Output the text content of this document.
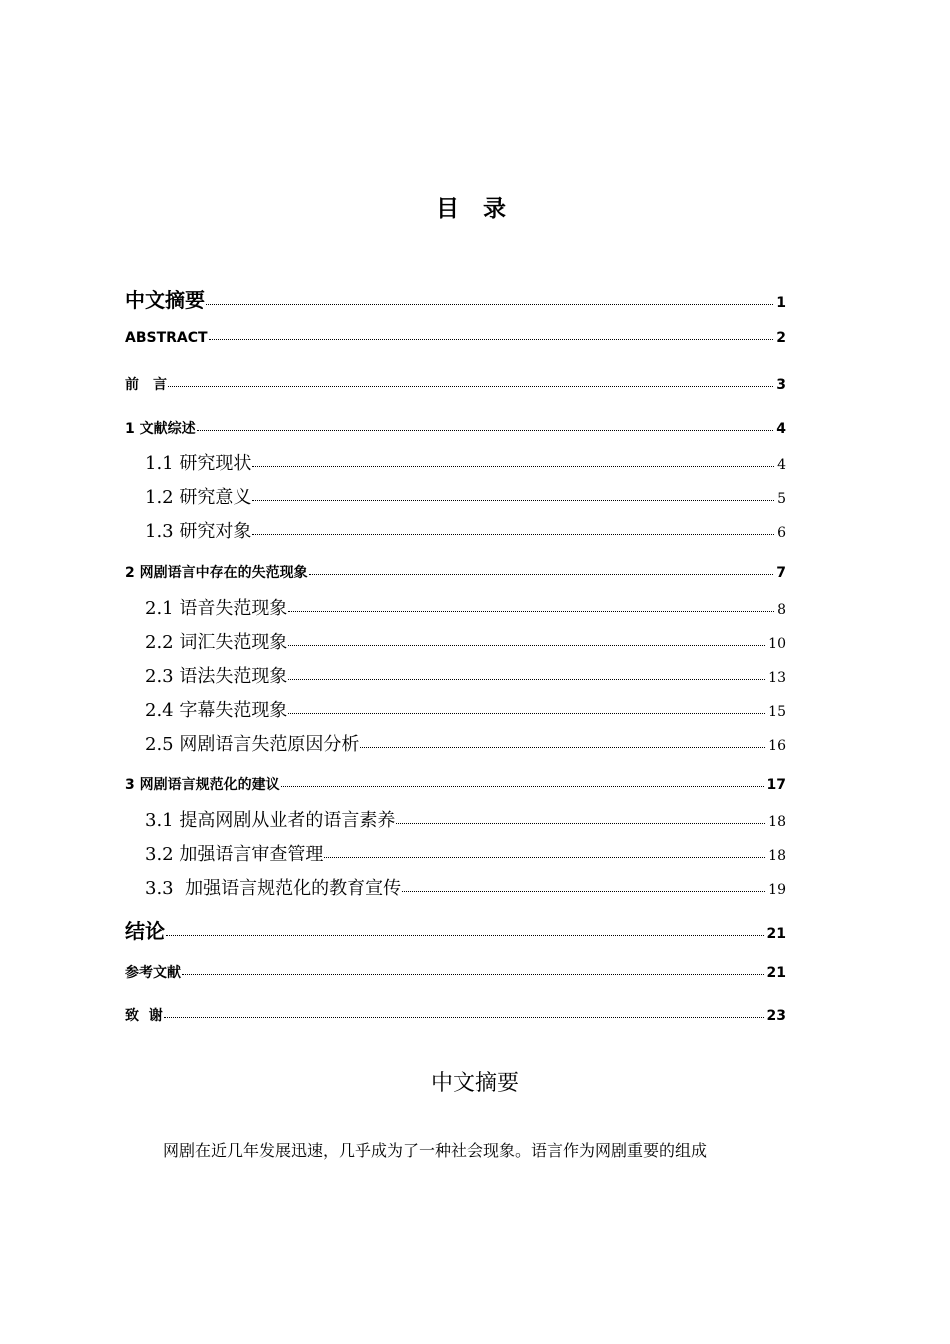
目 录
中文摘要	1
ABSTRACT	2
前　言	3
1 文献综述	4
1.1 研究现状	4
1.2 研究意义	5
1.3 研究对象	6
2 网剧语言中存在的失范现象	7
2.1 语音失范现象	8
2.2 词汇失范现象	10
2.3 语法失范现象	13
2.4 字幕失范现象	15
2.5 网剧语言失范原因分析	16
3 网剧语言规范化的建议	17
3.1 提高网剧从业者的语言素养	18
3.2 加强语言审查管理	18
3.3  加强语言规范化的教育宣传	19
结论	21
参考文献	21
致  谢	23
中文摘要
网剧在近几年发展迅速，几乎成为了一种社会现象。语言作为网剧重要的组成
